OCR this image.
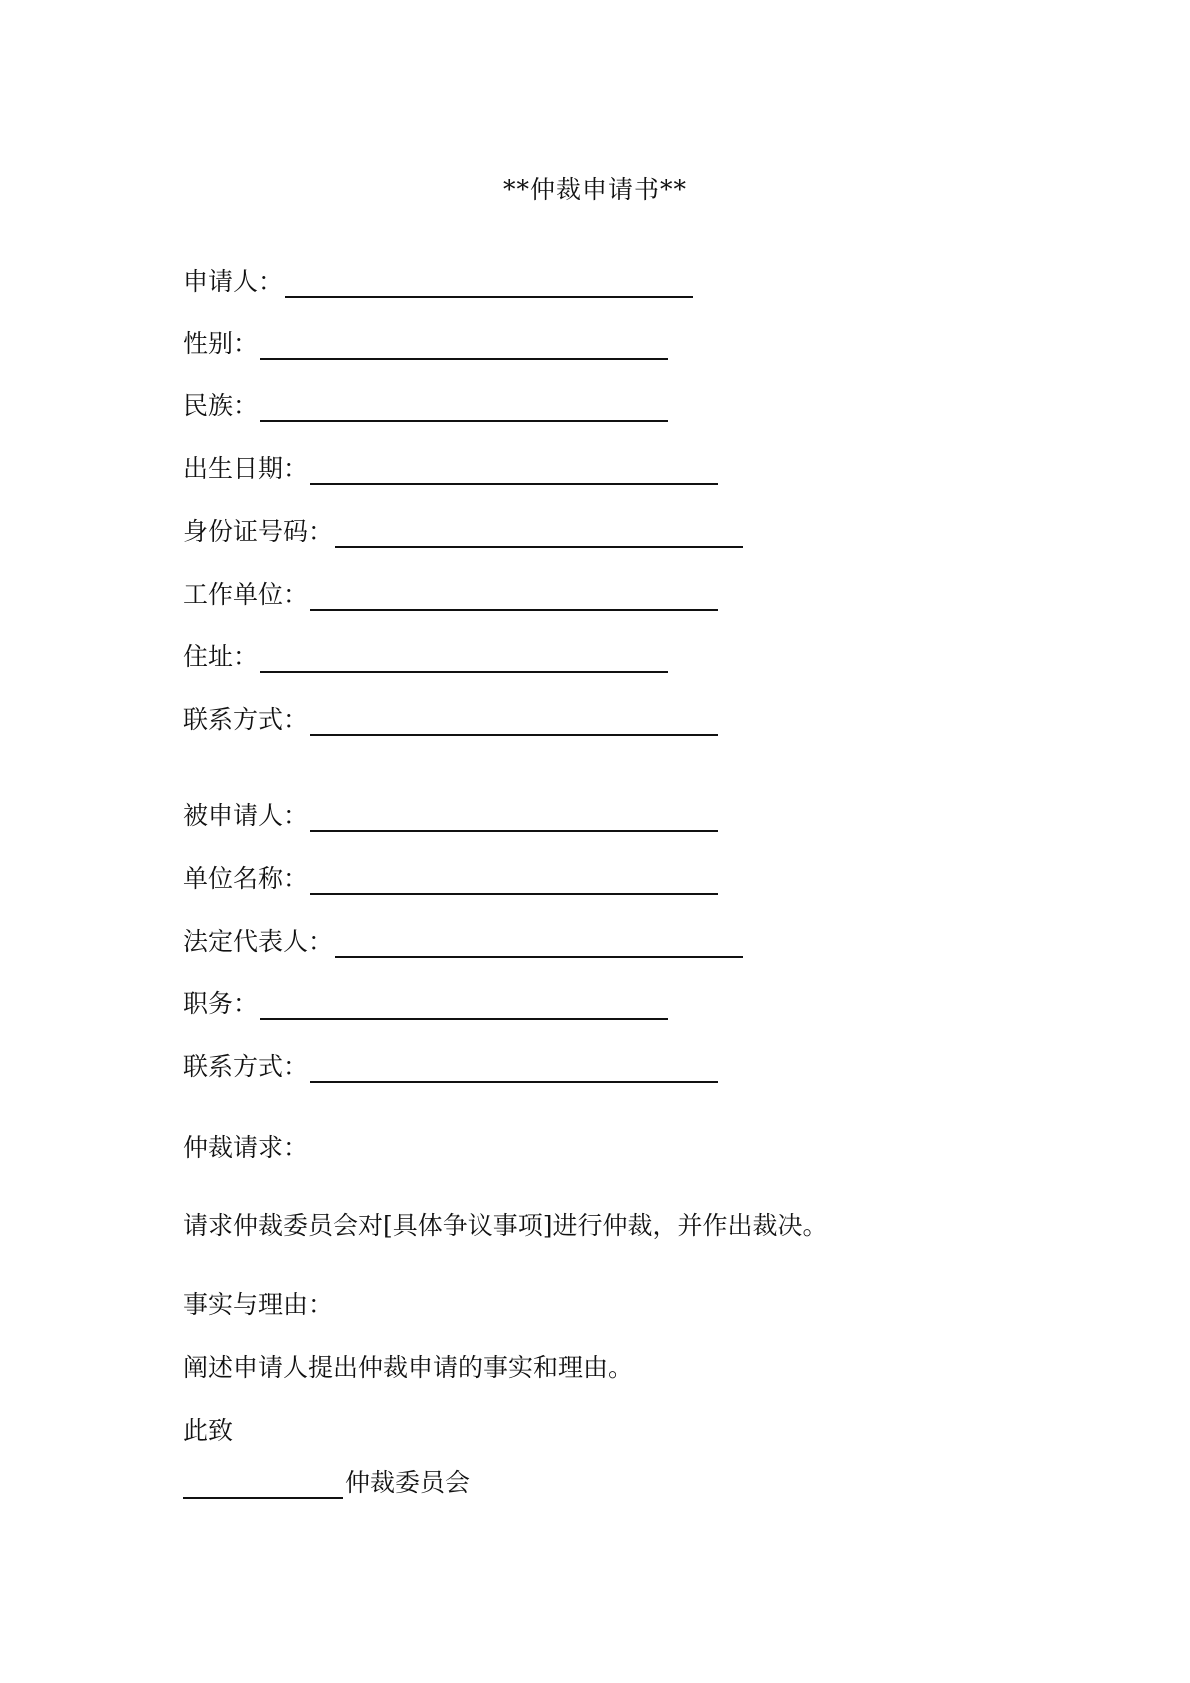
**仲裁申请书**
申请人：
性别：
民族：
出生日期：
身份证号码：
工作单位：
住址：
联系方式：
被申请人：
单位名称：
法定代表人：
职务：
联系方式：
仲裁请求：
请求仲裁委员会对[具体争议事项]进行仲裁，并作出裁决。
事实与理由：
阐述申请人提出仲裁申请的事实和理由。
此致
仲裁委员会
